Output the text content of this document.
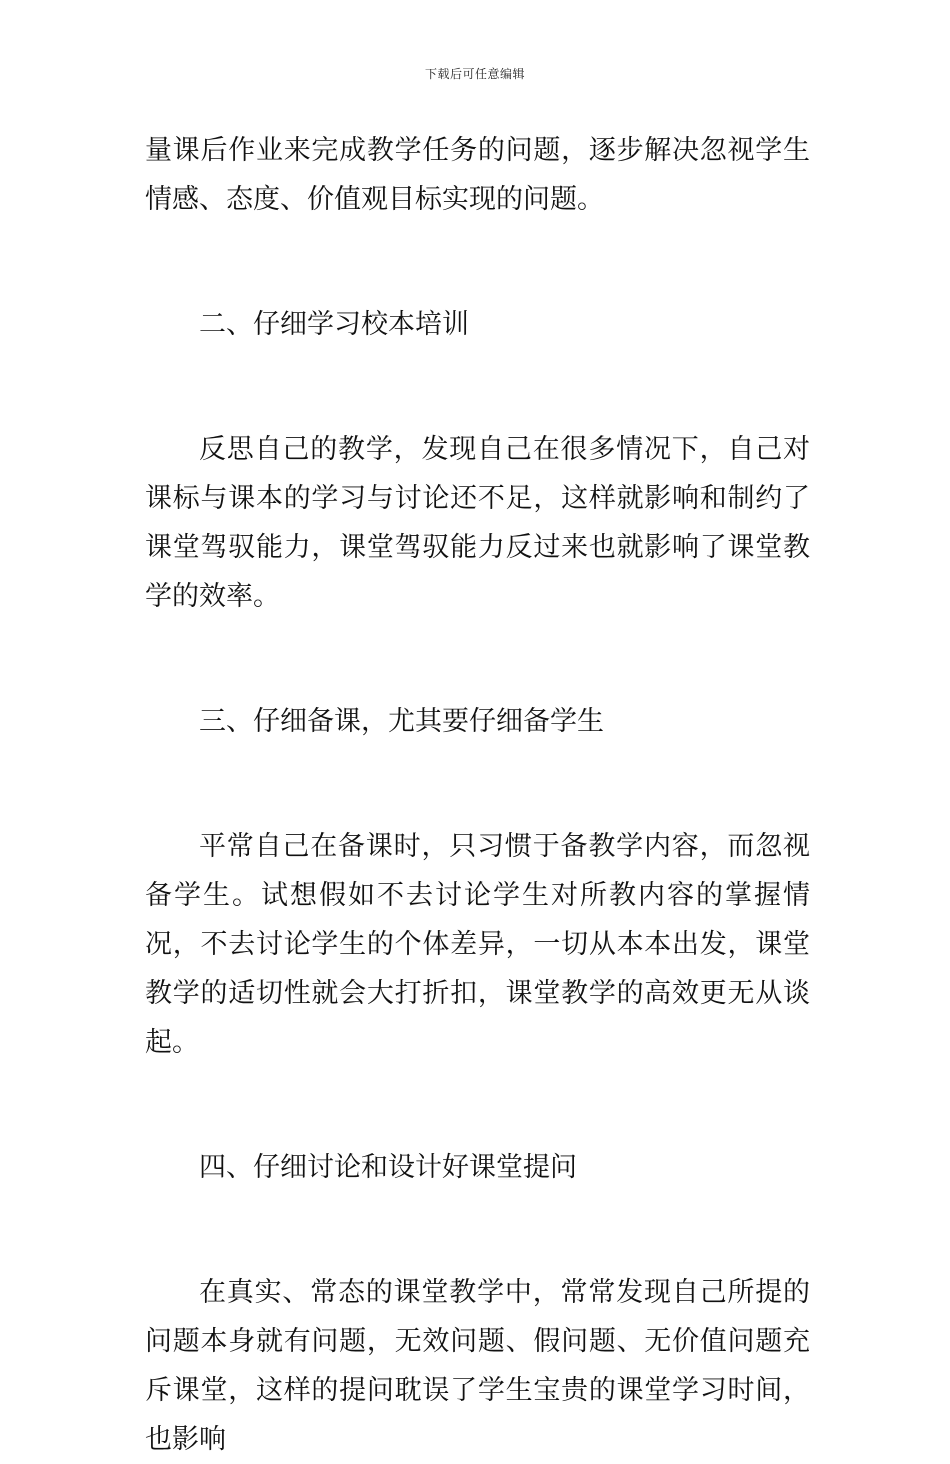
下载后可任意编辑

量课后作业来完成教学任务的问题，逐步解决忽视学生情感、态度、价值观目标实现的问题。

二、仔细学习校本培训

反思自己的教学，发现自己在很多情况下，自己对课标与课本的学习与讨论还不足，这样就影响和制约了课堂驾驭能力，课堂驾驭能力反过来也就影响了课堂教学的效率。

三、仔细备课，尤其要仔细备学生

平常自己在备课时，只习惯于备教学内容，而忽视备学生。试想假如不去讨论学生对所教内容的掌握情况，不去讨论学生的个体差异，一切从本本出发，课堂教学的适切性就会大打折扣，课堂教学的高效更无从谈起。

四、仔细讨论和设计好课堂提问

在真实、常态的课堂教学中，常常发现自己所提的问题本身就有问题，无效问题、假问题、无价值问题充斥课堂，这样的提问耽误了学生宝贵的课堂学习时间，也影响
